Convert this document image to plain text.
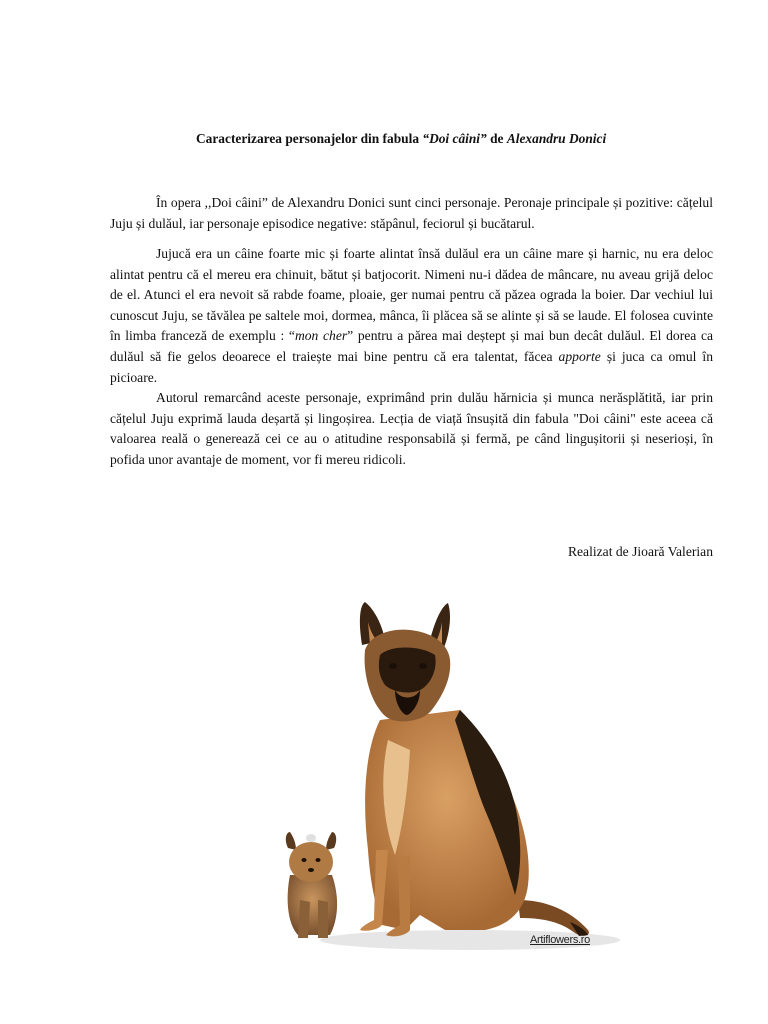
Caracterizarea personajelor din fabula “Doi câini” de Alexandru Donici

În opera ,,Doi câini” de Alexandru Donici sunt cinci personaje. Peronaje principale și pozitive: cățelul Juju și dulăul, iar personaje episodice negative: stăpânul, feciorul și bucătarul.

Jujucă era un câine foarte mic și foarte alintat însă dulăul era un câine mare și harnic, nu era deloc alintat pentru că el mereu era chinuit, bătut și batjocorit. Nimeni nu-i dădea de mâncare, nu aveau grijă deloc de el. Atunci el era nevoit să rabde foame, ploaie, ger numai pentru că păzea ograda la boier. Dar vechiul lui cunoscut Juju, se tăvălea pe saltele moi, dormea, mânca, îi plăcea să se alinte și să se laude. El folosea cuvinte în limba franceză de exemplu : “mon cher” pentru a părea mai deștept și mai bun decât dulăul. El dorea ca dulăul să fie gelos deoarece el traiește mai bine pentru că era talentat, făcea apporte și juca ca omul în picioare.

Autorul remarcând aceste personaje, exprimând prin dulău hărnicia și munca nerăsplătită, iar prin cățelul Juju exprimă lauda deșartă și lingoșirea. Lecția de viață însușită din fabula "Doi câini" este aceea că valoarea reală o generează cei ce au o atitudine responsabilă și fermă, pe când lingușitorii și neserioși, în pofida unor avantaje de moment, vor fi mereu ridicoli.

Realizat de Jioară Valerian
Artiflowers.ro
